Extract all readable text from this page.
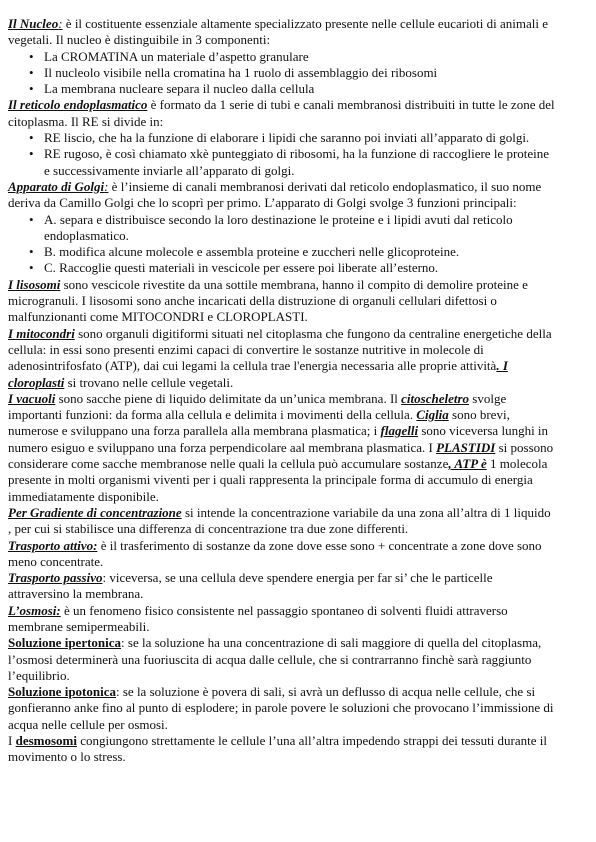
Il Nucleo: è il costituente essenziale altamente specializzato presente nelle cellule eucarioti di animali e vegetali. Il nucleo è distinguibile in 3 componenti:

• La CROMATINA un materiale d’aspetto granulare
• Il nucleolo visibile nella cromatina ha 1 ruolo di assemblaggio dei ribosomi
• La membrana nucleare separa il nucleo dalla cellula

Il reticolo endoplasmatico è formato da 1 serie di tubi e canali membranosi distribuiti in tutte le zone del citoplasma. Il RE si divide in:

• RE liscio, che ha la funzione di elaborare i lipidi che saranno poi inviati all’apparato di golgi.
• RE rugoso, è così chiamato xkè punteggiato di ribosomi, ha la funzione di raccogliere le proteine e successivamente inviarle all’apparato di golgi.

Apparato di Golgi: è l’insieme di canali membranosi derivati dal reticolo endoplasmatico, il suo nome deriva da Camillo Golgi che lo scoprì per primo. L’apparato di Golgi svolge 3 funzioni principali:

• A. separa e distribuisce secondo la loro destinazione le proteine e i lipidi avuti dal reticolo endoplasmatico.
• B. modifica alcune molecole e assembla proteine e zuccheri nelle glicoproteine.
• C. Raccoglie questi materiali in vescicole per essere poi liberate all’esterno.

I lisosomi sono vescicole rivestite da una sottile membrana, hanno il compito di demolire proteine e microgranuli. I lisosomi sono anche incaricati della distruzione di organuli cellulari difettosi o malfunzionanti come MITOCONDRI e CLOROPLASTI.

I mitocondri sono organuli digitiformi situati nel citoplasma che fungono da centraline energetiche della cellula: in essi sono presenti enzimi capaci di convertire le sostanze nutritive in molecole di adenosintrifosfato (ATP), dai cui legami la cellula trae l'energia necessaria alle proprie attività. I cloroplasti si trovano nelle cellule vegetali.

I vacuoli sono sacche piene di liquido delimitate da un’unica membrana. Il citoscheletro svolge importanti funzioni: da forma alla cellula e delimita i movimenti della cellula. Ciglia sono brevi, numerose e sviluppano una forza parallela alla membrana plasmatica; i flagelli sono viceversa lunghi in numero esiguo e sviluppano una forza perpendicolare aal membrana plasmatica. I PLASTIDI si possono considerare come sacche membranose nelle quali la cellula può accumulare sostanze, ATP è 1 molecola presente in molti organismi viventi per i quali rappresenta la principale forma di accumulo di energia immediatamente disponibile.

Per Gradiente di concentrazione si intende la concentrazione variabile da una zona all’altra di 1 liquido , per cui si stabilisce una differenza di concentrazione tra due zone differenti.

Trasporto attivo: è il trasferimento di sostanze da zone dove esse sono + concentrate a zone dove sono meno concentrate.

Trasporto passivo: viceversa, se una cellula deve spendere energia per far si’ che le particelle attraversino la membrana.

L’osmosi: è un fenomeno fisico consistente nel passaggio spontaneo di solventi fluidi attraverso membrane semipermeabili.

Soluzione ipertonica: se la soluzione ha una concentrazione di sali maggiore di quella del citoplasma, l’osmosi determinerà una fuoriuscita di acqua dalle cellule, che si contrarranno finchè sarà raggiunto l’equilibrio.

Soluzione ipotonica: se la soluzione è povera di sali, si avrà un deflusso di acqua nelle cellule, che si gonfieranno anke fino al punto di esplodere; in parole povere le soluzioni che provocano l’immissione di acqua nelle cellule per osmosi.

I desmosomi congiungono strettamente le cellule l’una all’altra impedendo strappi dei tessuti durante il movimento o lo stress.
